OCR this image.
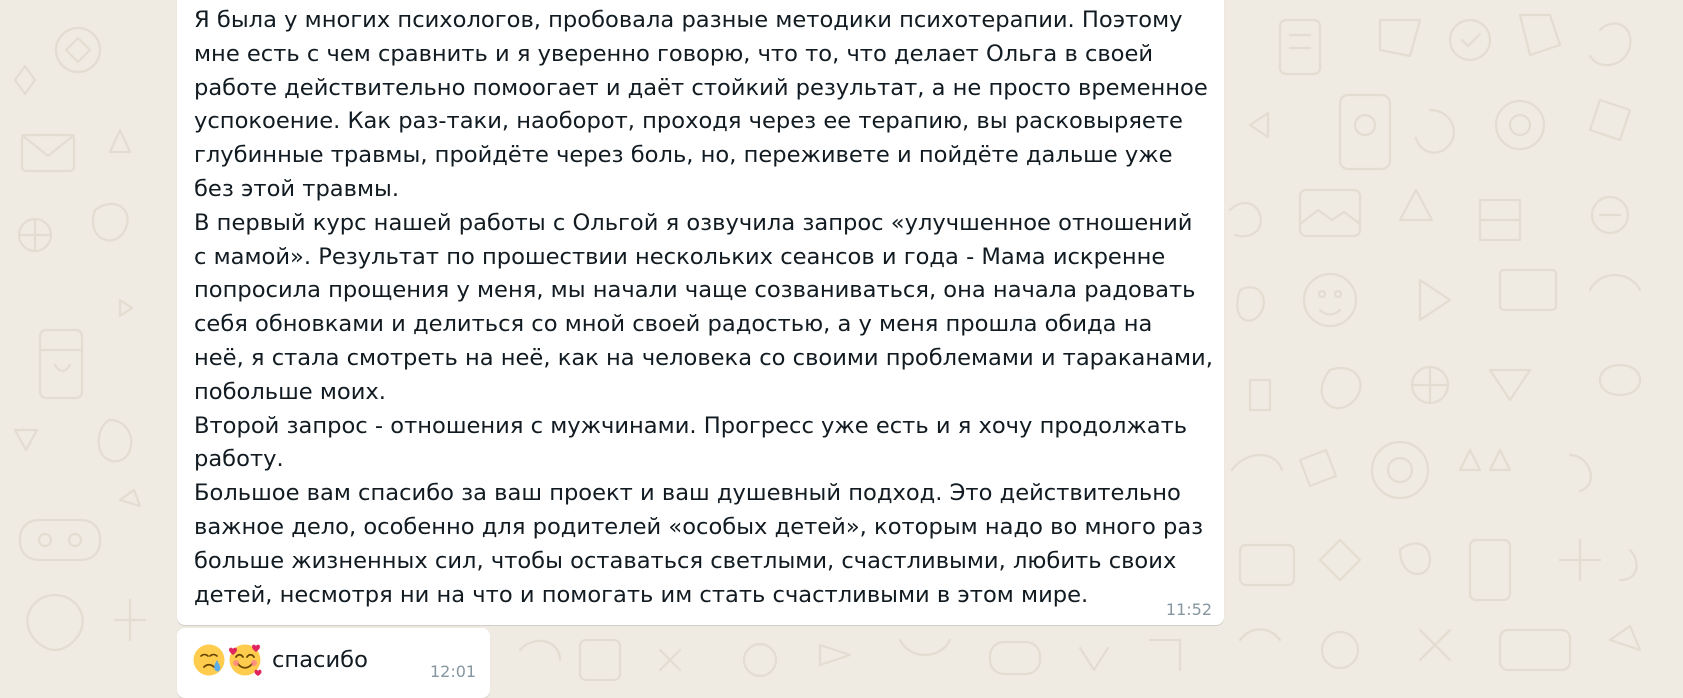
Я была у многих психологов, пробовала разные методики психотерапии. Поэтому
мне есть с чем сравнить и я уверенно говорю, что то, что делает Ольга в своей
работе действительно помоогает и даёт стойкий результат, а не просто временное
успокоение. Как раз-таки, наоборот, проходя через ее терапию, вы расковыряете
глубинные травмы, пройдёте через боль, но, переживете и пойдёте дальше уже
без этой травмы.
В первый курс нашей работы с Ольгой я озвучила запрос «улучшенное отношений
с мамой». Результат по прошествии нескольких сеансов и года - Мама искренне
попросила прощения у меня, мы начали чаще созваниваться, она начала радовать
себя обновками и делиться со мной своей радостью, а у меня прошла обида на
неё, я стала смотреть на неё, как на человека со своими проблемами и тараканами,
побольше моих.
Второй запрос - отношения с мужчинами. Прогресс уже есть и я хочу продолжать
работу.
Большое вам спасибо за ваш проект и ваш душевный подход. Это действительно
важное дело, особенно для родителей «особых детей», которым надо во много раз
больше жизненных сил, чтобы оставаться светлыми, счастливыми, любить своих
детей, несмотря ни на что и помогать им стать счастливыми в этом мире.
11:52
спасибо	12:01
